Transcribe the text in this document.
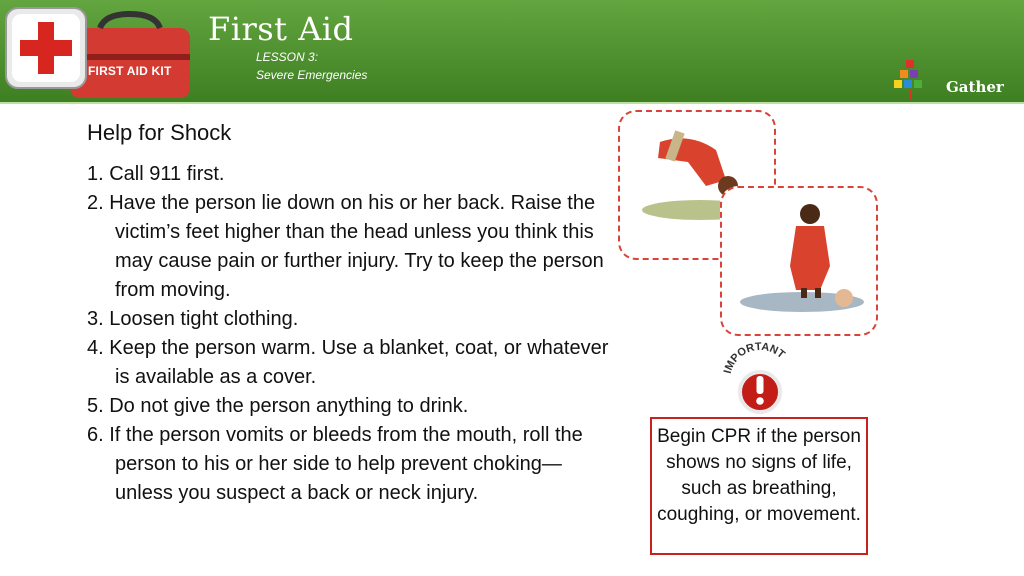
FIRST AID KIT
First Aid
LESSON 3:
Severe Emergencies
Gather
Help for Shock
1. Call 911 first.
2. Have the person lie down on his or her back. Raise the victim’s feet higher than the head unless you think this may cause pain or further injury. Try to keep the person from moving.
3. Loosen tight clothing.
4. Keep the person warm. Use a blanket, coat, or whatever is available as a cover.
5. Do not give the person anything to drink.
6. If the person vomits or bleeds from the mouth, roll the person to his or her side to help prevent choking—unless you suspect a back or neck injury.
IMPORTANT
Begin CPR if the person shows no signs of life, such as breathing, coughing, or movement.
